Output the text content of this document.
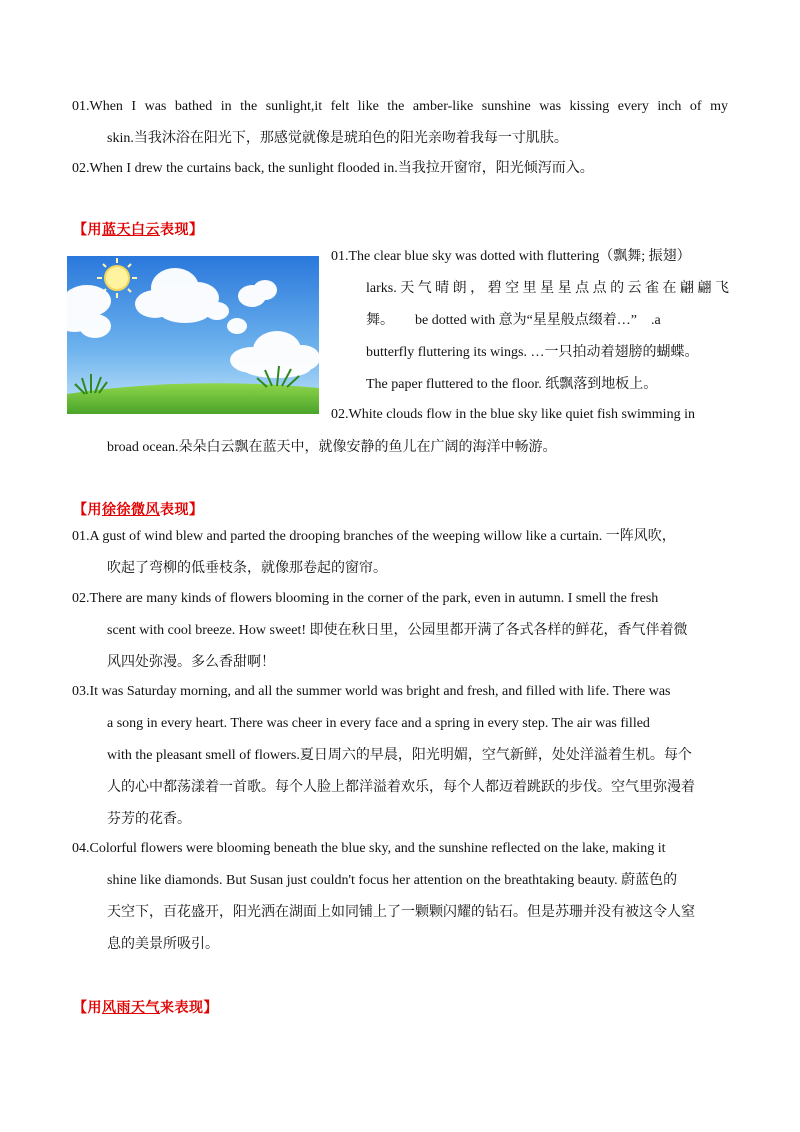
01.When I was bathed in the sunlight,it felt like the amber-like sunshine was kissing every inch of my
skin.当我沐浴在阳光下，那感觉就像是琥珀色的阳光亲吻着我每一寸肌肤。
02.When I drew the curtains back, the sunlight flooded in.当我拉开窗帘，阳光倾泻而入。
【用蓝天白云表现】
01.The clear blue sky was dotted with fluttering（飘舞; 振翅）
larks.天气晴朗，碧空里星星点点的云雀在翩翩飞
舞。　　be dotted with 意为“星星般点缀着…”　.a
butterfly fluttering its wings. …一只拍动着翅膀的蝴蝶。
The paper fluttered to the floor. 纸飘落到地板上。
02.White clouds flow in the blue sky like quiet fish swimming in
broad ocean.朵朵白云飘在蓝天中，就像安静的鱼儿在广阔的海洋中畅游。
【用徐徐微风表现】
01.A gust of wind blew and parted the drooping branches of the weeping willow like a curtain. 一阵风吹，
吹起了弯柳的低垂枝条，就像那卷起的窗帘。
02.There are many kinds of flowers blooming in the corner of the park, even in autumn. I smell the fresh
scent with cool breeze. How sweet! 即使在秋日里，公园里都开满了各式各样的鲜花，香气伴着微
风四处弥漫。多么香甜啊！
03.It was Saturday morning, and all the summer world was bright and fresh, and filled with life. There was
a song in every heart. There was cheer in every face and a spring in every step. The air was filled
with the pleasant smell of flowers.夏日周六的早晨，阳光明媚，空气新鲜，处处洋溢着生机。每个
人的心中都荡漾着一首歌。每个人脸上都洋溢着欢乐，每个人都迈着跳跃的步伐。空气里弥漫着
芬芳的花香。
04.Colorful flowers were blooming beneath the blue sky, and the sunshine reflected on the lake, making it
shine like diamonds. But Susan just couldn't focus her attention on the breathtaking beauty. 蔚蓝色的
天空下，百花盛开，阳光洒在湖面上如同铺上了一颗颗闪耀的钻石。但是苏珊并没有被这令人窒
息的美景所吸引。
【用风雨天气来表现】
